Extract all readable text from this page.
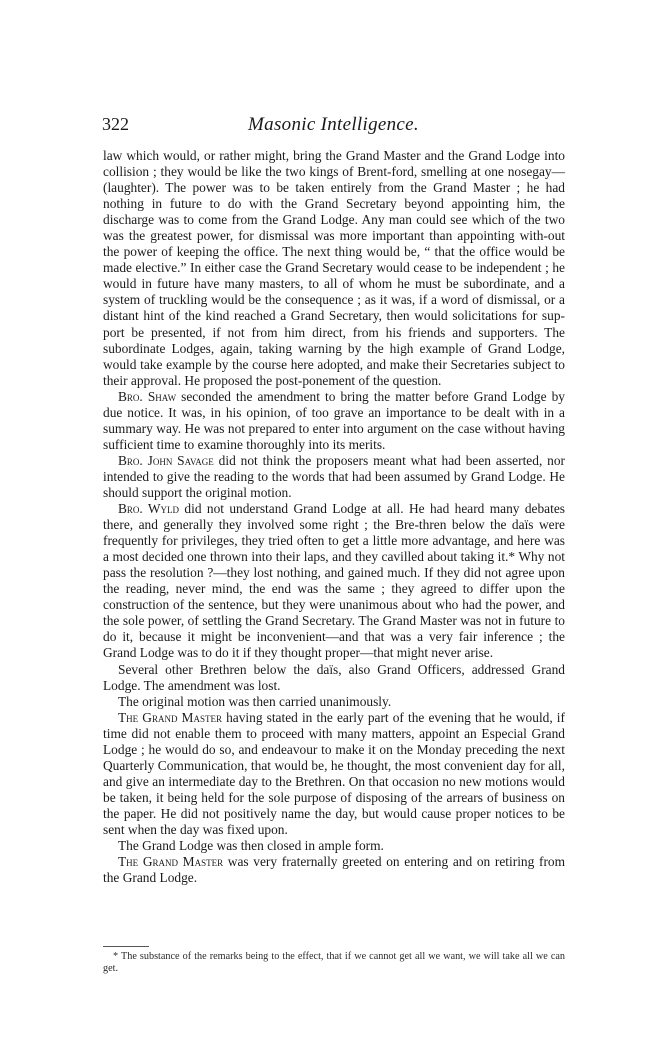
322	Masonic Intelligence.

law which would, or rather might, bring the Grand Master and the Grand Lodge into collision ; they would be like the two kings of Brent-ford, smelling at one nosegay—(laughter). The power was to be taken entirely from the Grand Master ; he had nothing in future to do with the Grand Secretary beyond appointing him, the discharge was to come from the Grand Lodge. Any man could see which of the two was the greatest power, for dismissal was more important than appointing with-out the power of keeping the office. The next thing would be, “ that the office would be made elective.” In either case the Grand Secretary would cease to be independent ; he would in future have many masters, to all of whom he must be subordinate, and a system of truckling would be the consequence ; as it was, if a word of dismissal, or a distant hint of the kind reached a Grand Secretary, then would solicitations for sup-port be presented, if not from him direct, from his friends and supporters. The subordinate Lodges, again, taking warning by the high example of Grand Lodge, would take example by the course here adopted, and make their Secretaries subject to their approval. He proposed the post-ponement of the question.

Bro. Shaw seconded the amendment to bring the matter before Grand Lodge by due notice. It was, in his opinion, of too grave an importance to be dealt with in a summary way. He was not prepared to enter into argument on the case without having sufficient time to examine thoroughly into its merits.

Bro. John Savage did not think the proposers meant what had been asserted, nor intended to give the reading to the words that had been assumed by Grand Lodge. He should support the original motion.

Bro. Wyld did not understand Grand Lodge at all. He had heard many debates there, and generally they involved some right ; the Bre-thren below the daïs were frequently for privileges, they tried often to get a little more advantage, and here was a most decided one thrown into their laps, and they cavilled about taking it.* Why not pass the resolution ?—they lost nothing, and gained much. If they did not agree upon the reading, never mind, the end was the same ; they agreed to differ upon the construction of the sentence, but they were unanimous about who had the power, and the sole power, of settling the Grand Secretary. The Grand Master was not in future to do it, because it might be inconvenient—and that was a very fair inference ; the Grand Lodge was to do it if they thought proper—that might never arise.

Several other Brethren below the daïs, also Grand Officers, addressed Grand Lodge. The amendment was lost.

The original motion was then carried unanimously.

The Grand Master having stated in the early part of the evening that he would, if time did not enable them to proceed with many matters, appoint an Especial Grand Lodge ; he would do so, and endeavour to make it on the Monday preceding the next Quarterly Communication, that would be, he thought, the most convenient day for all, and give an intermediate day to the Brethren. On that occasion no new motions would be taken, it being held for the sole purpose of disposing of the arrears of business on the paper. He did not positively name the day, but would cause proper notices to be sent when the day was fixed upon.

The Grand Lodge was then closed in ample form.

The Grand Master was very fraternally greeted on entering and on retiring from the Grand Lodge.

* The substance of the remarks being to the effect, that if we cannot get all we want, we will take all we can get.
